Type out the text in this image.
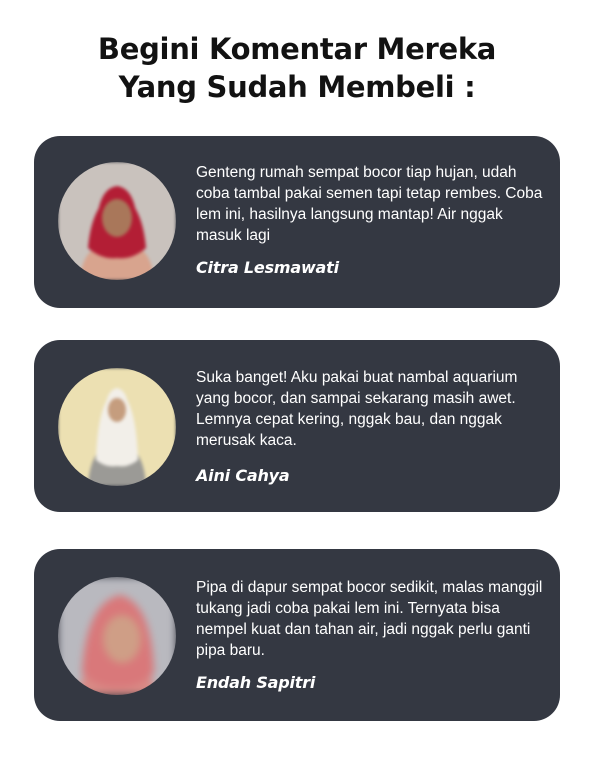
Begini Komentar Mereka
Yang Sudah Membeli :
Genteng rumah sempat bocor tiap hujan, udah coba tambal pakai semen tapi tetap rembes. Coba lem ini, hasilnya langsung mantap! Air nggak masuk lagi
Citra Lesmawati
Suka banget! Aku pakai buat nambal aquarium yang bocor, dan sampai sekarang masih awet. Lemnya cepat kering, nggak bau, dan nggak merusak kaca.
Aini Cahya
Pipa di dapur sempat bocor sedikit, malas manggil tukang jadi coba pakai lem ini. Ternyata bisa nempel kuat dan tahan air, jadi nggak perlu ganti pipa baru.
Endah Sapitri
